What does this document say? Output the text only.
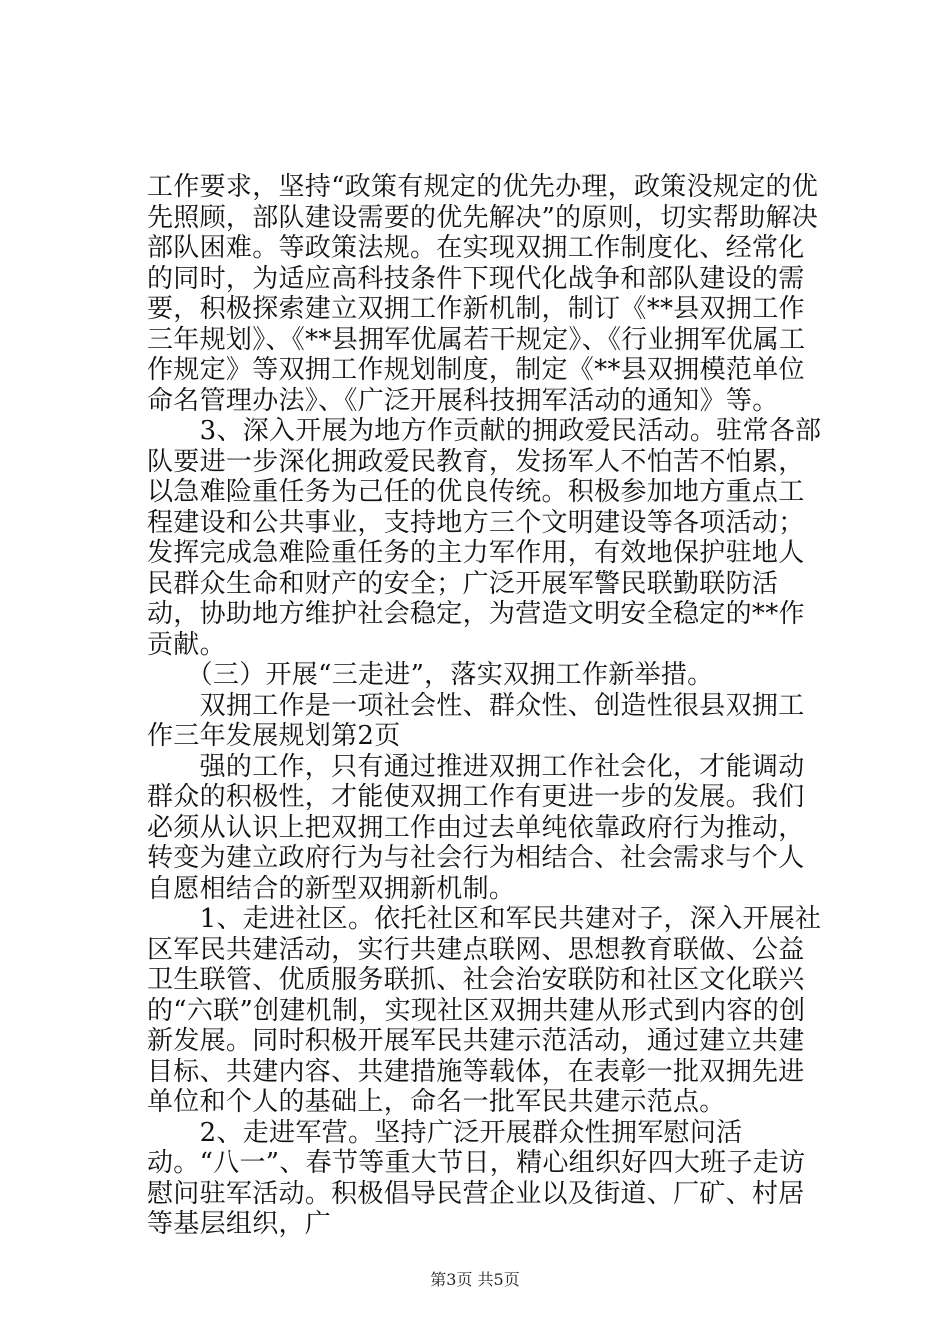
工作要求，坚持“政策有规定的优先办理，政策没规定的优先照顾，部队建设需要的优先解决”的原则，切实帮助解决部队困难。等政策法规。在实现双拥工作制度化、经常化的同时，为适应高科技条件下现代化战争和部队建设的需要，积极探索建立双拥工作新机制，制订《**县双拥工作三年规划》、《**县拥军优属若干规定》、《行业拥军优属工作规定》等双拥工作规划制度，制定《**县双拥模范单位命名管理办法》、《广泛开展科技拥军活动的通知》等。

　　3、深入开展为地方作贡献的拥政爱民活动。驻常各部队要进一步深化拥政爱民教育，发扬军人不怕苦不怕累，以急难险重任务为己任的优良传统。积极参加地方重点工程建设和公共事业，支持地方三个文明建设等各项活动；发挥完成急难险重任务的主力军作用，有效地保护驻地人民群众生命和财产的安全；广泛开展军警民联勤联防活动，协助地方维护社会稳定，为营造文明安全稳定的**作贡献。

　　（三）开展“三走进”，落实双拥工作新举措。

　　双拥工作是一项社会性、群众性、创造性很县双拥工作三年发展规划第2页

　　强的工作，只有通过推进双拥工作社会化，才能调动群众的积极性，才能使双拥工作有更进一步的发展。我们必须从认识上把双拥工作由过去单纯依靠政府行为推动，转变为建立政府行为与社会行为相结合、社会需求与个人自愿相结合的新型双拥新机制。

　　1、走进社区。依托社区和军民共建对子，深入开展社区军民共建活动，实行共建点联网、思想教育联做、公益卫生联管、优质服务联抓、社会治安联防和社区文化联兴的“六联”创建机制，实现社区双拥共建从形式到内容的创新发展。同时积极开展军民共建示范活动，通过建立共建目标、共建内容、共建措施等载体，在表彰一批双拥先进单位和个人的基础上，命名一批军民共建示范点。

　　2、走进军营。坚持广泛开展群众性拥军慰问活动。“八一”、春节等重大节日，精心组织好四大班子走访慰问驻军活动。积极倡导民营企业以及街道、厂矿、村居等基层组织，广

第3页 共5页
